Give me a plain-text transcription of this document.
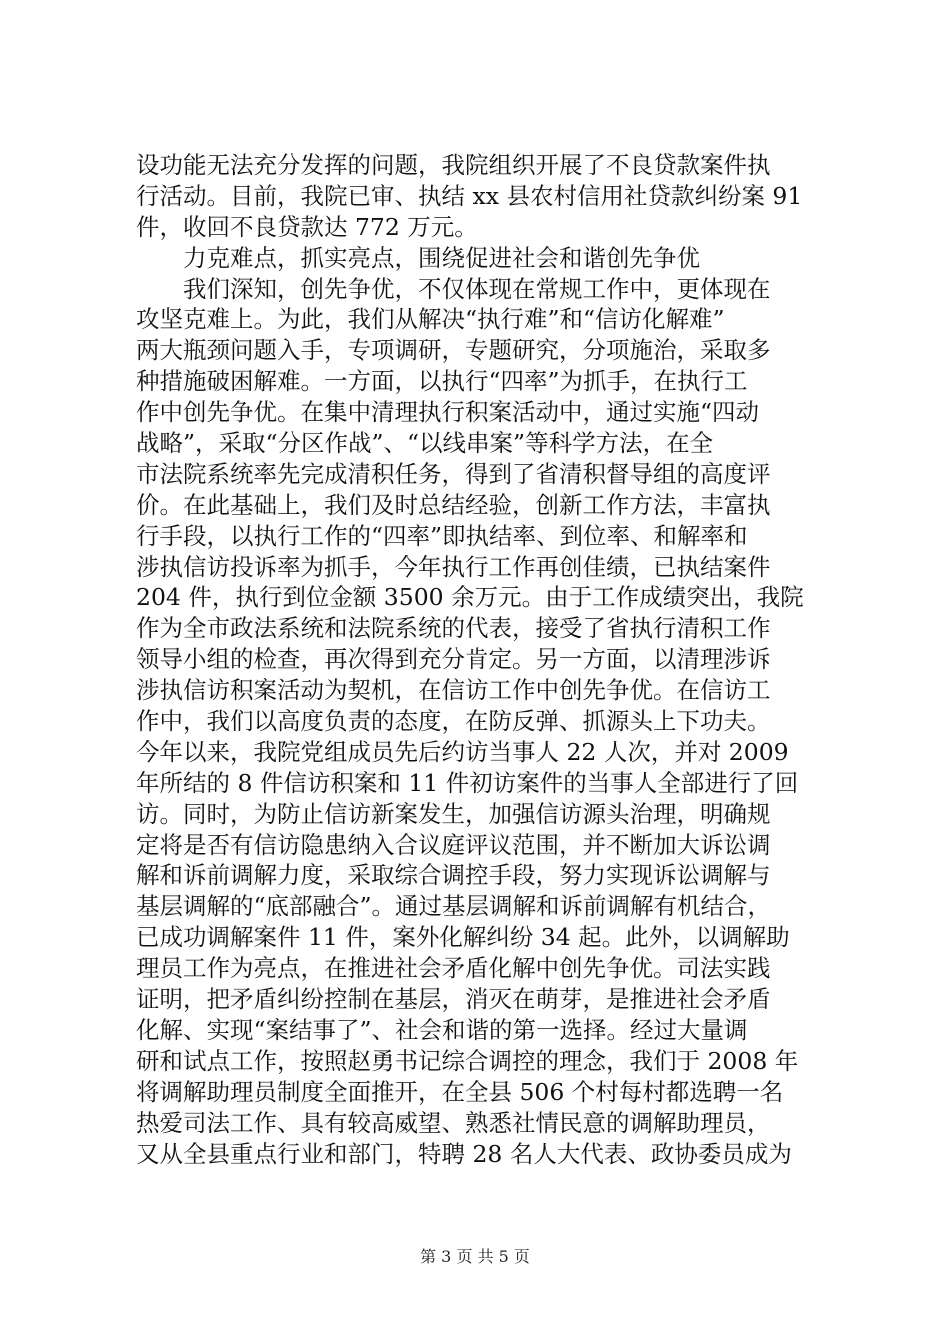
设功能无法充分发挥的问题，我院组织开展了不良贷款案件执
行活动。目前，我院已审、执结 xx 县农村信用社贷款纠纷案 91
件，收回不良贷款达 772 万元。
力克难点，抓实亮点，围绕促进社会和谐创先争优
我们深知，创先争优，不仅体现在常规工作中，更体现在
攻坚克难上。为此，我们从解决“执行难”和“信访化解难”
两大瓶颈问题入手，专项调研，专题研究，分项施治，采取多
种措施破困解难。一方面，以执行“四率”为抓手，在执行工
作中创先争优。在集中清理执行积案活动中，通过实施“四动
战略”，采取“分区作战”、“以线串案”等科学方法，在全
市法院系统率先完成清积任务，得到了省清积督导组的高度评
价。在此基础上，我们及时总结经验，创新工作方法，丰富执
行手段，以执行工作的“四率”即执结率、到位率、和解率和
涉执信访投诉率为抓手，今年执行工作再创佳绩，已执结案件
204 件，执行到位金额 3500 余万元。由于工作成绩突出，我院
作为全市政法系统和法院系统的代表，接受了省执行清积工作
领导小组的检查，再次得到充分肯定。另一方面，以清理涉诉
涉执信访积案活动为契机，在信访工作中创先争优。在信访工
作中，我们以高度负责的态度，在防反弹、抓源头上下功夫。
今年以来，我院党组成员先后约访当事人 22 人次，并对 2009
年所结的 8 件信访积案和 11 件初访案件的当事人全部进行了回
访。同时，为防止信访新案发生，加强信访源头治理，明确规
定将是否有信访隐患纳入合议庭评议范围，并不断加大诉讼调
解和诉前调解力度，采取综合调控手段，努力实现诉讼调解与
基层调解的“底部融合”。通过基层调解和诉前调解有机结合，
已成功调解案件 11 件，案外化解纠纷 34 起。此外，以调解助
理员工作为亮点，在推进社会矛盾化解中创先争优。司法实践
证明，把矛盾纠纷控制在基层，消灭在萌芽，是推进社会矛盾
化解、实现“案结事了”、社会和谐的第一选择。经过大量调
研和试点工作，按照赵勇书记综合调控的理念，我们于 2008 年
将调解助理员制度全面推开，在全县 506 个村每村都选聘一名
热爱司法工作、具有较高威望、熟悉社情民意的调解助理员，
又从全县重点行业和部门，特聘 28 名人大代表、政协委员成为
第 3 页 共 5 页
